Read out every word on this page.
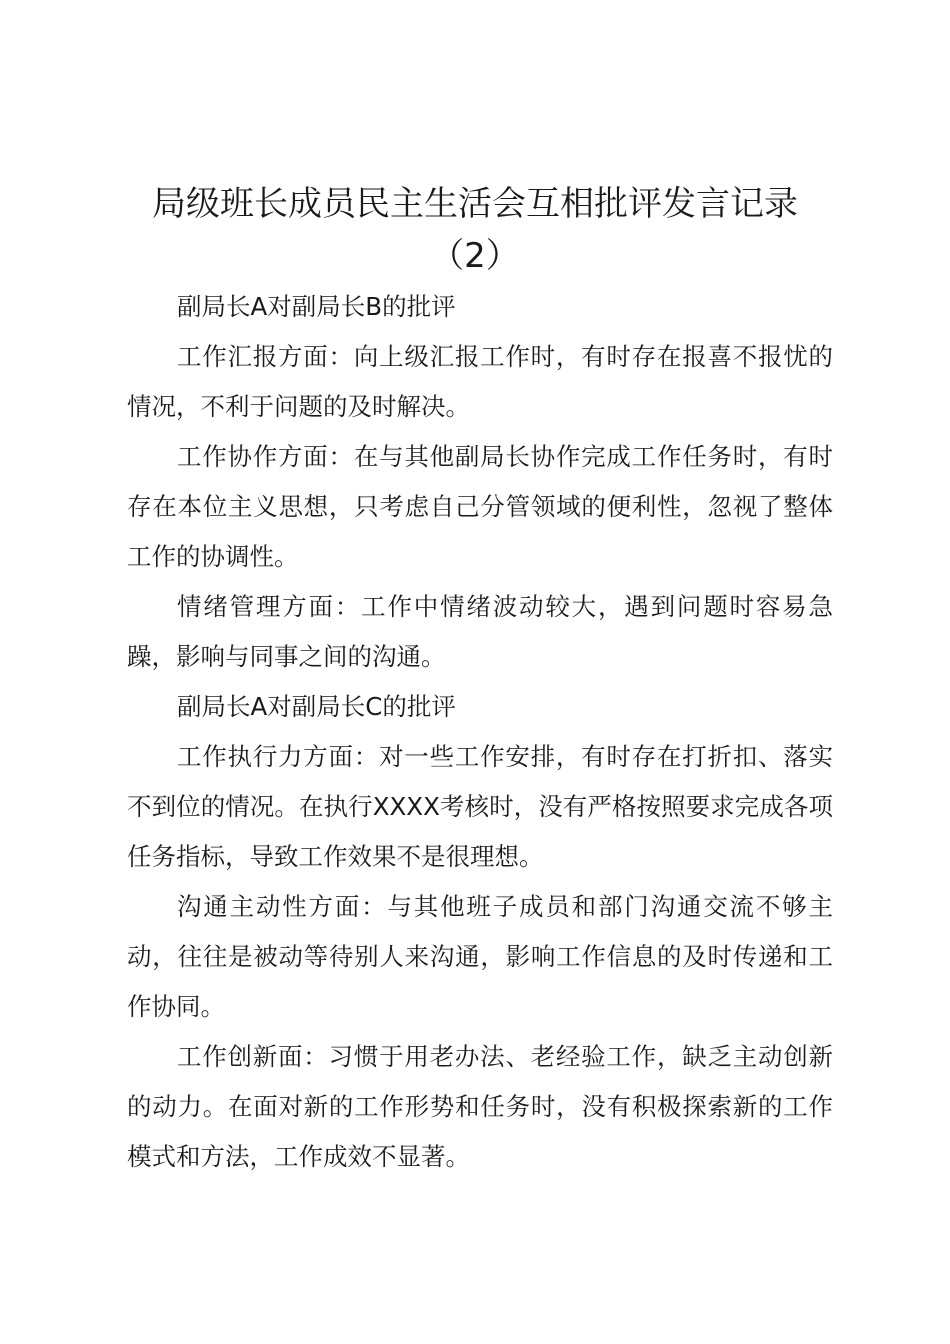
局级班长成员民主生活会互相批评发言记录
（2）

副局长A对副局长B的批评

工作汇报方面：向上级汇报工作时，有时存在报喜不报忧的情况，不利于问题的及时解决。

工作协作方面：在与其他副局长协作完成工作任务时，有时存在本位主义思想，只考虑自己分管领域的便利性，忽视了整体工作的协调性。

情绪管理方面：工作中情绪波动较大，遇到问题时容易急躁，影响与同事之间的沟通。

副局长A对副局长C的批评

工作执行力方面：对一些工作安排，有时存在打折扣、落实不到位的情况。在执行XXXX考核时，没有严格按照要求完成各项任务指标，导致工作效果不是很理想。

沟通主动性方面：与其他班子成员和部门沟通交流不够主动，往往是被动等待别人来沟通，影响工作信息的及时传递和工作协同。

工作创新面：习惯于用老办法、老经验工作，缺乏主动创新的动力。在面对新的工作形势和任务时，没有积极探索新的工作模式和方法，工作成效不显著。
